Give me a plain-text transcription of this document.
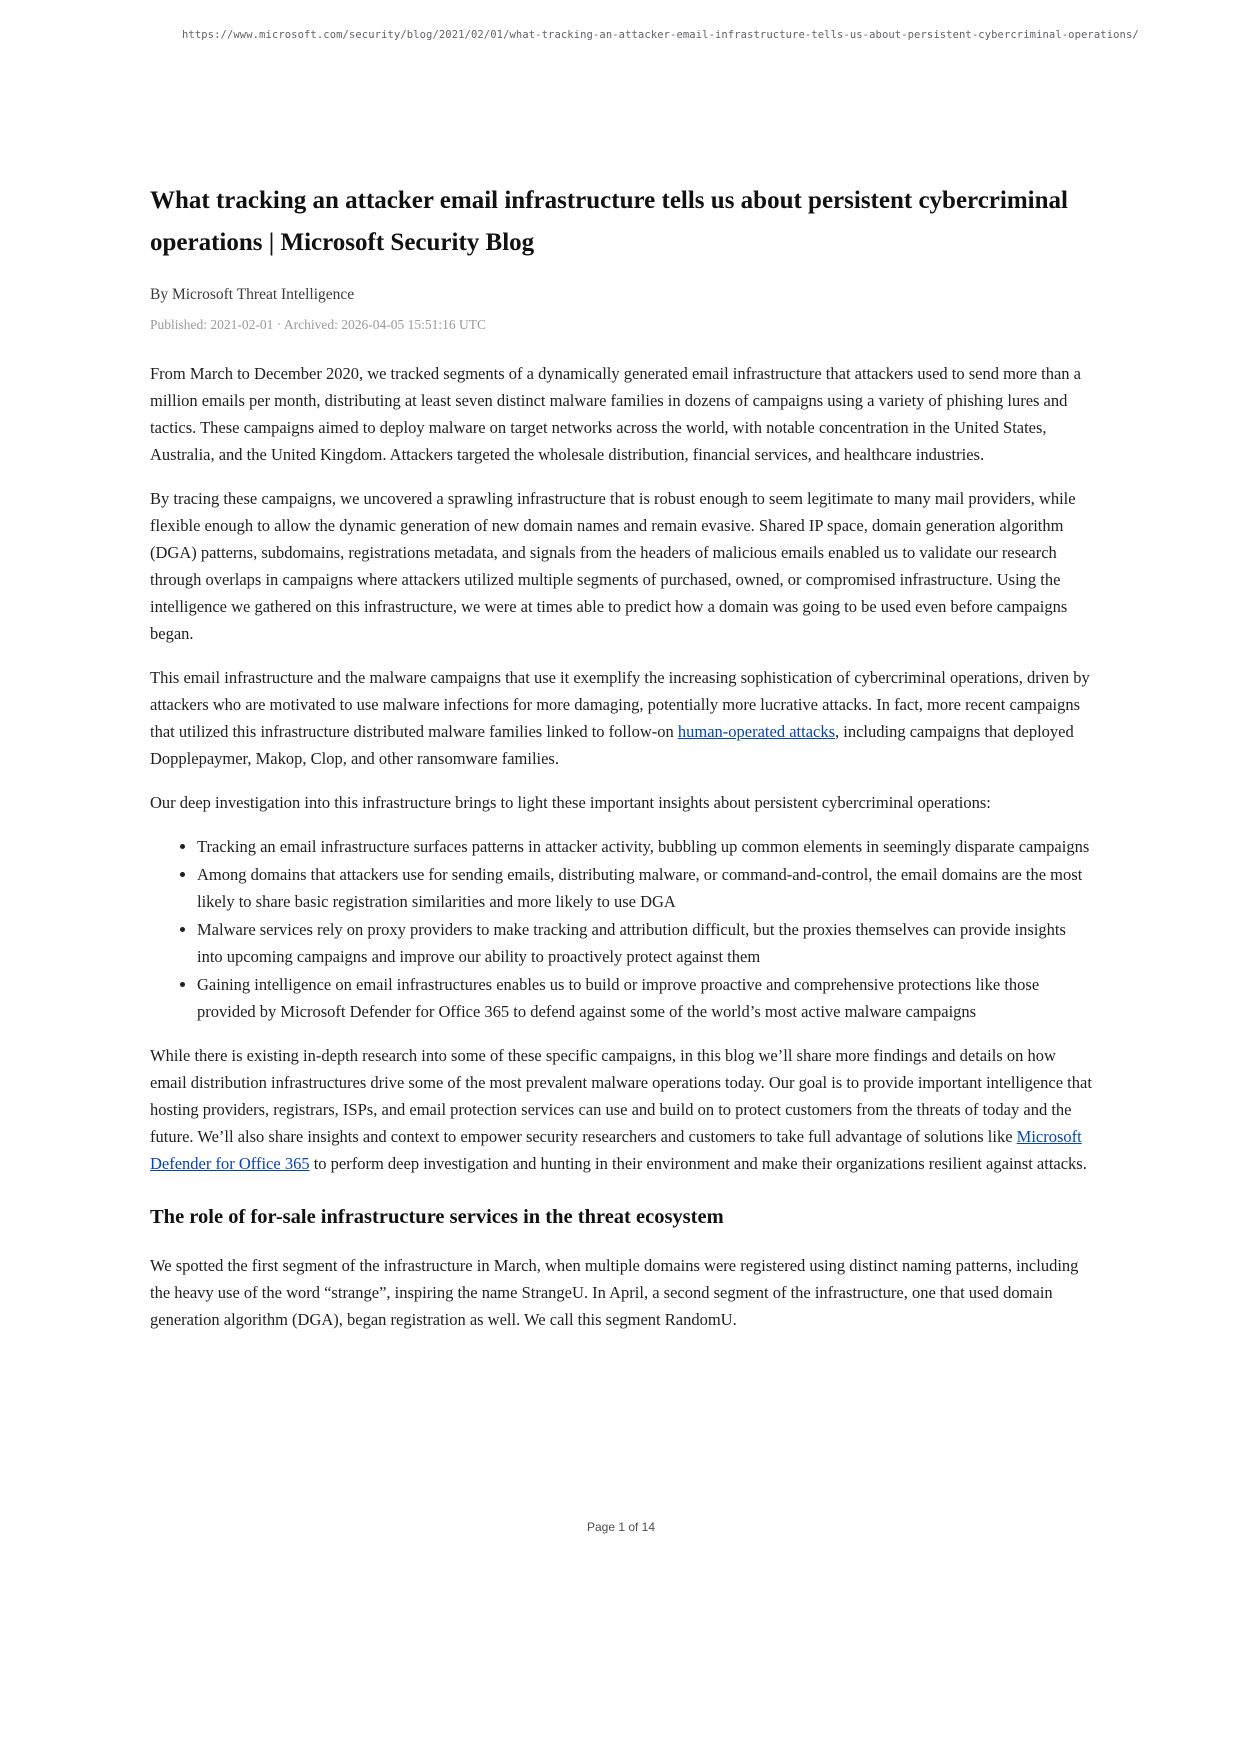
https://www.microsoft.com/security/blog/2021/02/01/what-tracking-an-attacker-email-infrastructure-tells-us-about-persistent-cybercriminal-operations/
What tracking an attacker email infrastructure tells us about persistent cybercriminal operations | Microsoft Security Blog
By Microsoft Threat Intelligence
Published: 2021-02-01 · Archived: 2026-04-05 15:51:16 UTC

From March to December 2020, we tracked segments of a dynamically generated email infrastructure that attackers used to send more than a million emails per month, distributing at least seven distinct malware families in dozens of campaigns using a variety of phishing lures and tactics. These campaigns aimed to deploy malware on target networks across the world, with notable concentration in the United States, Australia, and the United Kingdom. Attackers targeted the wholesale distribution, financial services, and healthcare industries.

By tracing these campaigns, we uncovered a sprawling infrastructure that is robust enough to seem legitimate to many mail providers, while flexible enough to allow the dynamic generation of new domain names and remain evasive. Shared IP space, domain generation algorithm (DGA) patterns, subdomains, registrations metadata, and signals from the headers of malicious emails enabled us to validate our research through overlaps in campaigns where attackers utilized multiple segments of purchased, owned, or compromised infrastructure. Using the intelligence we gathered on this infrastructure, we were at times able to predict how a domain was going to be used even before campaigns began.

This email infrastructure and the malware campaigns that use it exemplify the increasing sophistication of cybercriminal operations, driven by attackers who are motivated to use malware infections for more damaging, potentially more lucrative attacks. In fact, more recent campaigns that utilized this infrastructure distributed malware families linked to follow-on human-operated attacks, including campaigns that deployed Dopplepaymer, Makop, Clop, and other ransomware families.

Our deep investigation into this infrastructure brings to light these important insights about persistent cybercriminal operations:

• Tracking an email infrastructure surfaces patterns in attacker activity, bubbling up common elements in seemingly disparate campaigns
• Among domains that attackers use for sending emails, distributing malware, or command-and-control, the email domains are the most likely to share basic registration similarities and more likely to use DGA
• Malware services rely on proxy providers to make tracking and attribution difficult, but the proxies themselves can provide insights into upcoming campaigns and improve our ability to proactively protect against them
• Gaining intelligence on email infrastructures enables us to build or improve proactive and comprehensive protections like those provided by Microsoft Defender for Office 365 to defend against some of the world’s most active malware campaigns

While there is existing in-depth research into some of these specific campaigns, in this blog we’ll share more findings and details on how email distribution infrastructures drive some of the most prevalent malware operations today. Our goal is to provide important intelligence that hosting providers, registrars, ISPs, and email protection services can use and build on to protect customers from the threats of today and the future. We’ll also share insights and context to empower security researchers and customers to take full advantage of solutions like Microsoft Defender for Office 365 to perform deep investigation and hunting in their environment and make their organizations resilient against attacks.

The role of for-sale infrastructure services in the threat ecosystem

We spotted the first segment of the infrastructure in March, when multiple domains were registered using distinct naming patterns, including the heavy use of the word “strange”, inspiring the name StrangeU. In April, a second segment of the infrastructure, one that used domain generation algorithm (DGA), began registration as well. We call this segment RandomU.

Page 1 of 14
